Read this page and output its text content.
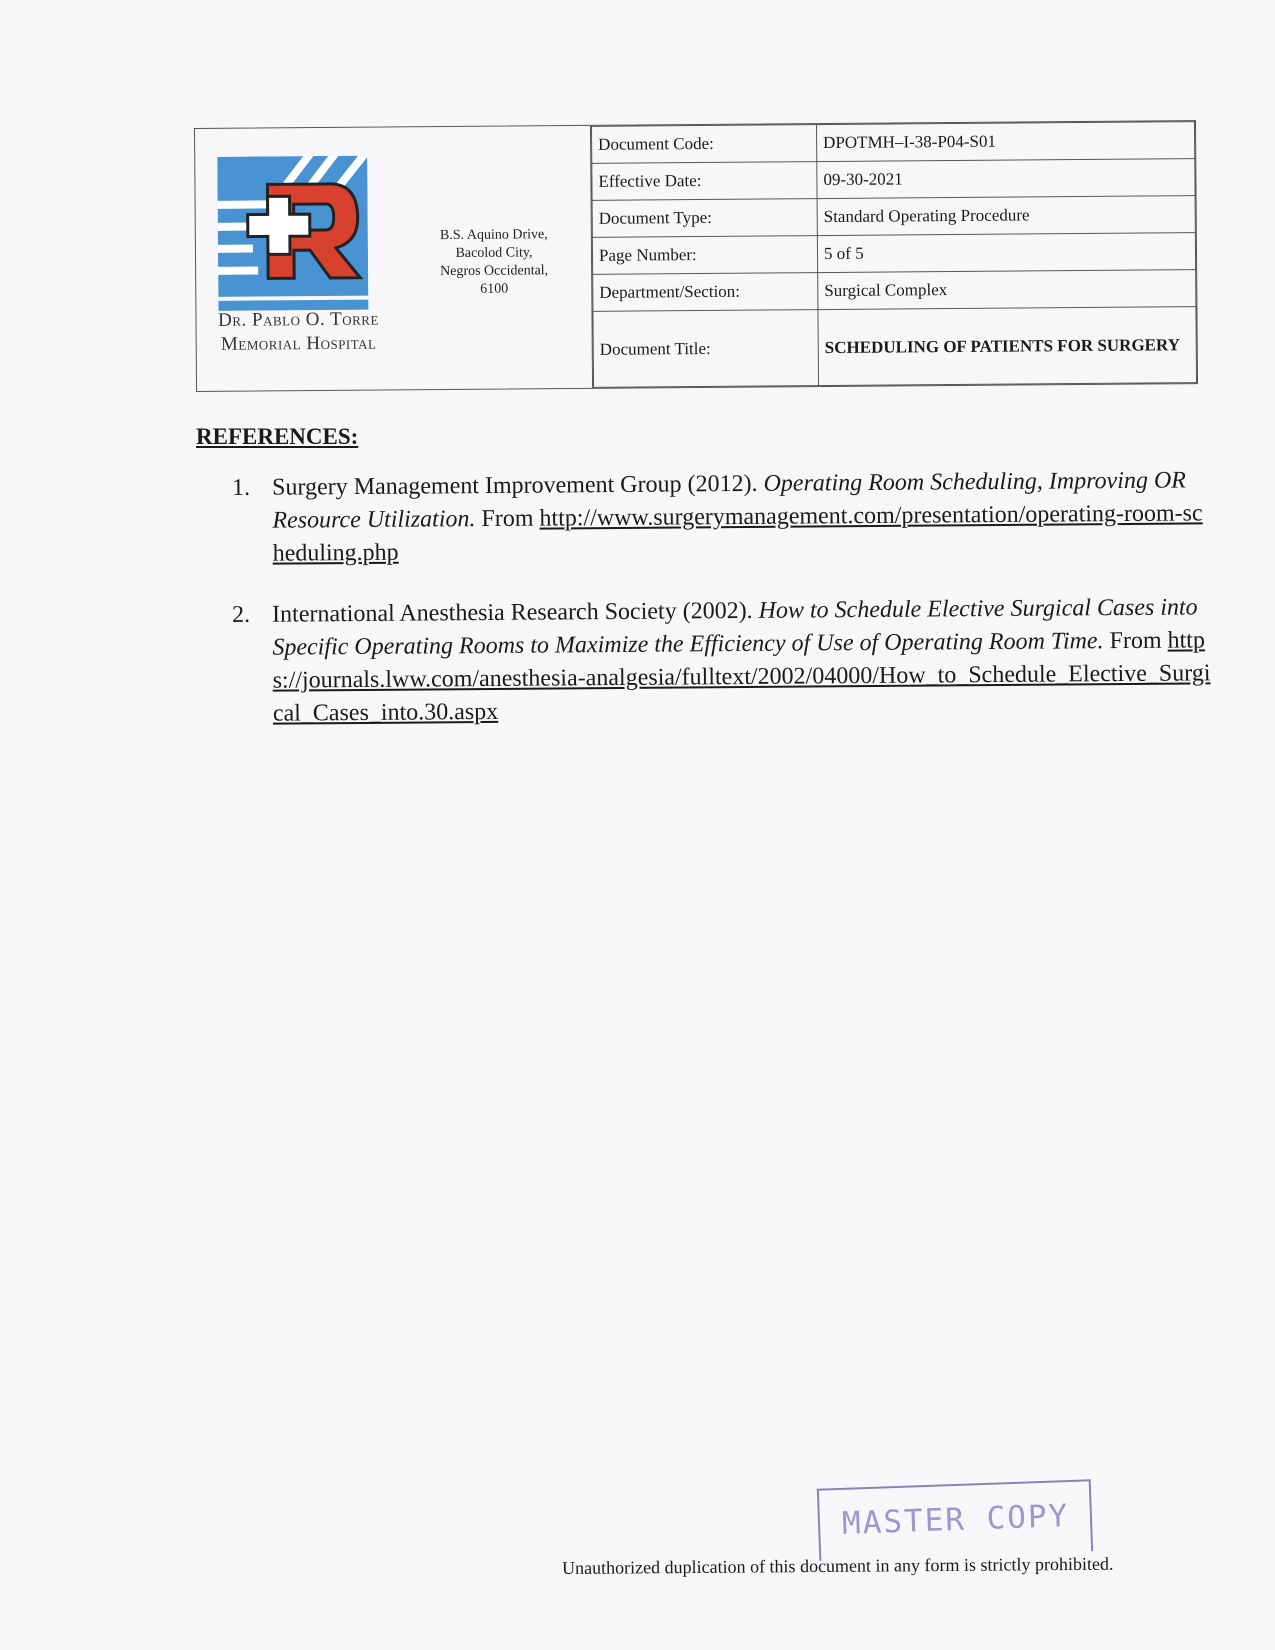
Dr. Pablo O. Torre
Memorial Hospital
B.S. Aquino Drive,
Bacolod City,
Negros Occidental,
6100
Document Code:	DPOTMH–I-38-P04-S01
Effective Date:	09-30-2021
Document Type:	Standard Operating Procedure
Page Number:	5 of 5
Department/Section:	Surgical Complex
Document Title:	SCHEDULING OF PATIENTS FOR SURGERY
REFERENCES:
1. Surgery Management Improvement Group (2012). Operating Room Scheduling, Improving OR Resource Utilization. From http://www.surgerymanagement.com/presentation/operating-room-scheduling.php
2. International Anesthesia Research Society (2002). How to Schedule Elective Surgical Cases into Specific Operating Rooms to Maximize the Efficiency of Use of Operating Room Time. From https://journals.lww.com/anesthesia-analgesia/fulltext/2002/04000/How_to_Schedule_Elective_Surgical_Cases_into.30.aspx
MASTER COPY
Unauthorized duplication of this document in any form is strictly prohibited.
